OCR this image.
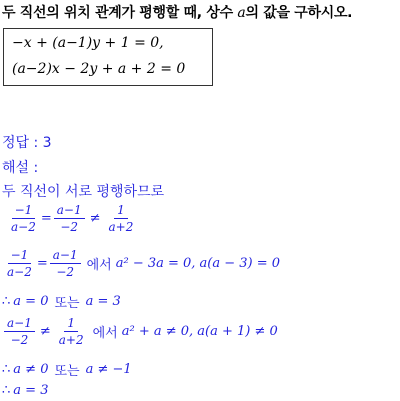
두 직선의 위치 관계가 평행할 때, 상수 a의 값을 구하시오.
−x + (a−1)y + 1 = 0,
(a−2)x − 2y + a + 2 = 0
정답 : 3
해설 :
두 직선이 서로 평행하므로
$\frac{-1}{a-2} = \frac{a-1}{-2} \ne \frac{1}{a+2}$
$\frac{-1}{a-2} = \frac{a-1}{-2}$ 에서 a² − 3a = 0, a(a − 3) = 0
∴ a = 0 또는 a = 3
$\frac{a-1}{-2} \ne \frac{1}{a+2}$ 에서 a² + a ≠ 0, a(a + 1) ≠ 0
∴ a ≠ 0 또는 a ≠ −1
∴ a = 3
